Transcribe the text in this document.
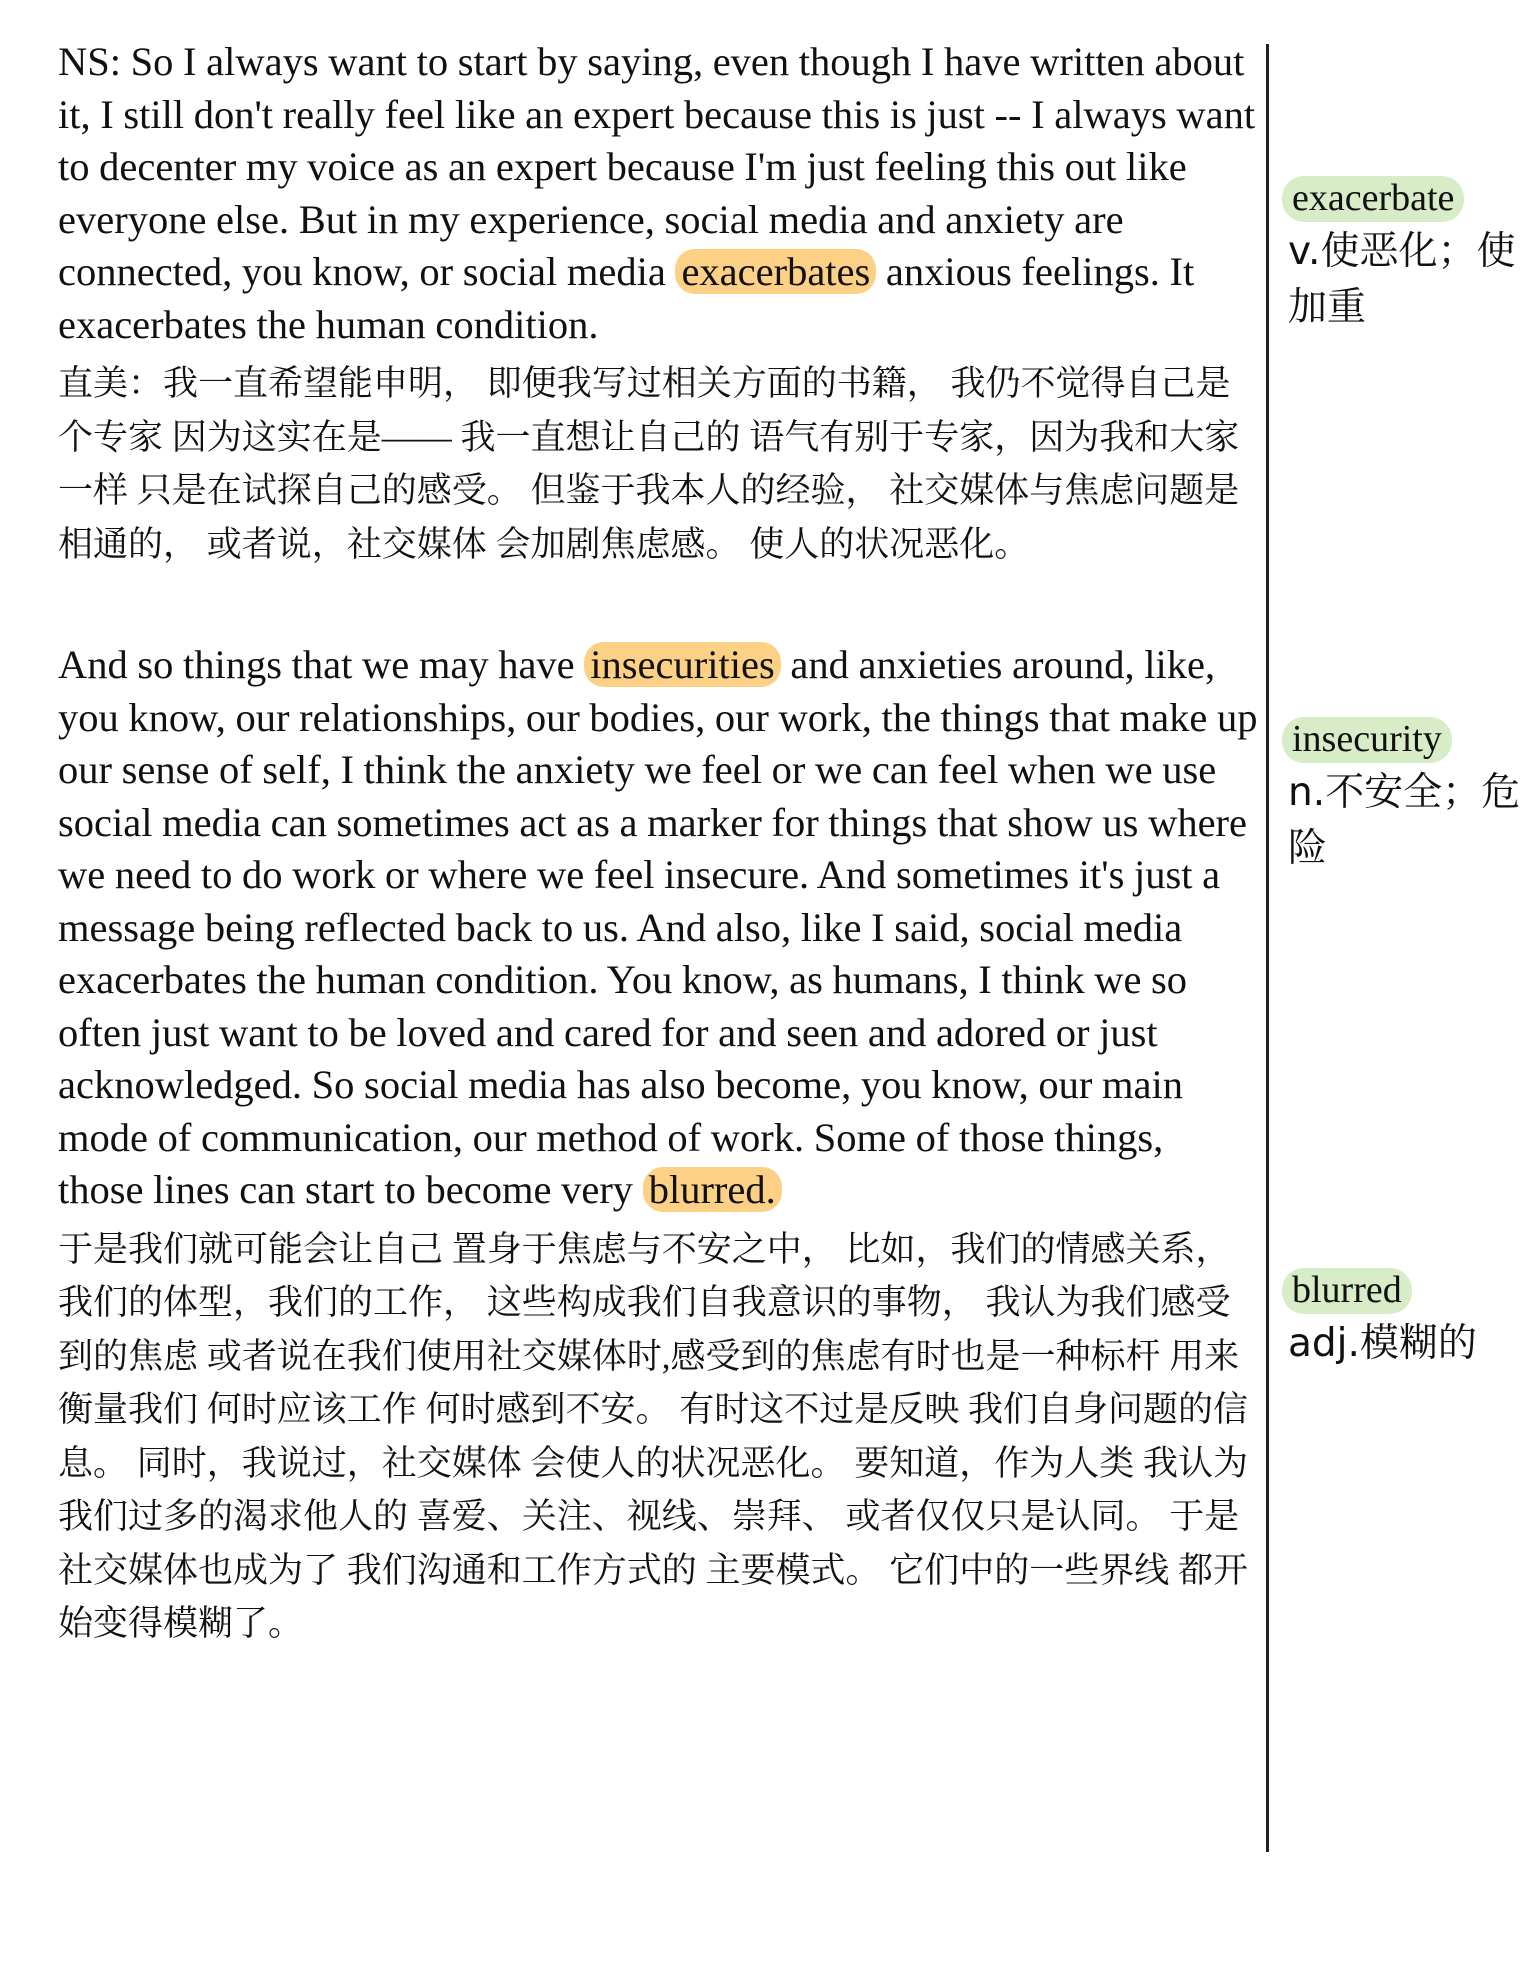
NS: So I always want to start by saying, even though I have written about it, I still don't really feel like an expert because this is just -- I always want to decenter my voice as an expert because I'm just feeling this out like everyone else. But in my experience, social media and anxiety are connected, you know, or social media exacerbates anxious feelings. It exacerbates the human condition.

直美：我一直希望能申明， 即便我写过相关方面的书籍， 我仍不觉得自己是个专家 因为这实在是—— 我一直想让自己的 语气有别于专家，因为我和大家一样 只是在试探自己的感受。 但鉴于我本人的经验， 社交媒体与焦虑问题是相通的， 或者说，社交媒体 会加剧焦虑感。 使人的状况恶化。

And so things that we may have insecurities and anxieties around, like, you know, our relationships, our bodies, our work, the things that make up our sense of self, I think the anxiety we feel or we can feel when we use social media can sometimes act as a marker for things that show us where we need to do work or where we feel insecure. And sometimes it's just a message being reflected back to us. And also, like I said, social media exacerbates the human condition. You know, as humans, I think we so often just want to be loved and cared for and seen and adored or just acknowledged. So social media has also become, you know, our main mode of communication, our method of work. Some of those things, those lines can start to become very blurred.

于是我们就可能会让自己 置身于焦虑与不安之中， 比如，我们的情感关系， 我们的体型，我们的工作， 这些构成我们自我意识的事物， 我认为我们感受到的焦虑 或者说在我们使用社交媒体时,感受到的焦虑有时也是一种标杆 用来衡量我们 何时应该工作 何时感到不安。 有时这不过是反映 我们自身问题的信息。 同时，我说过，社交媒体 会使人的状况恶化。 要知道，作为人类 我认为我们过多的渴求他人的 喜爱、关注、视线、崇拜、 或者仅仅只是认同。 于是社交媒体也成为了 我们沟通和工作方式的 主要模式。 它们中的一些界线 都开始变得模糊了。

exacerbate
v.使恶化；使加重
insecurity
n.不安全；危险
blurred
adj.模糊的
